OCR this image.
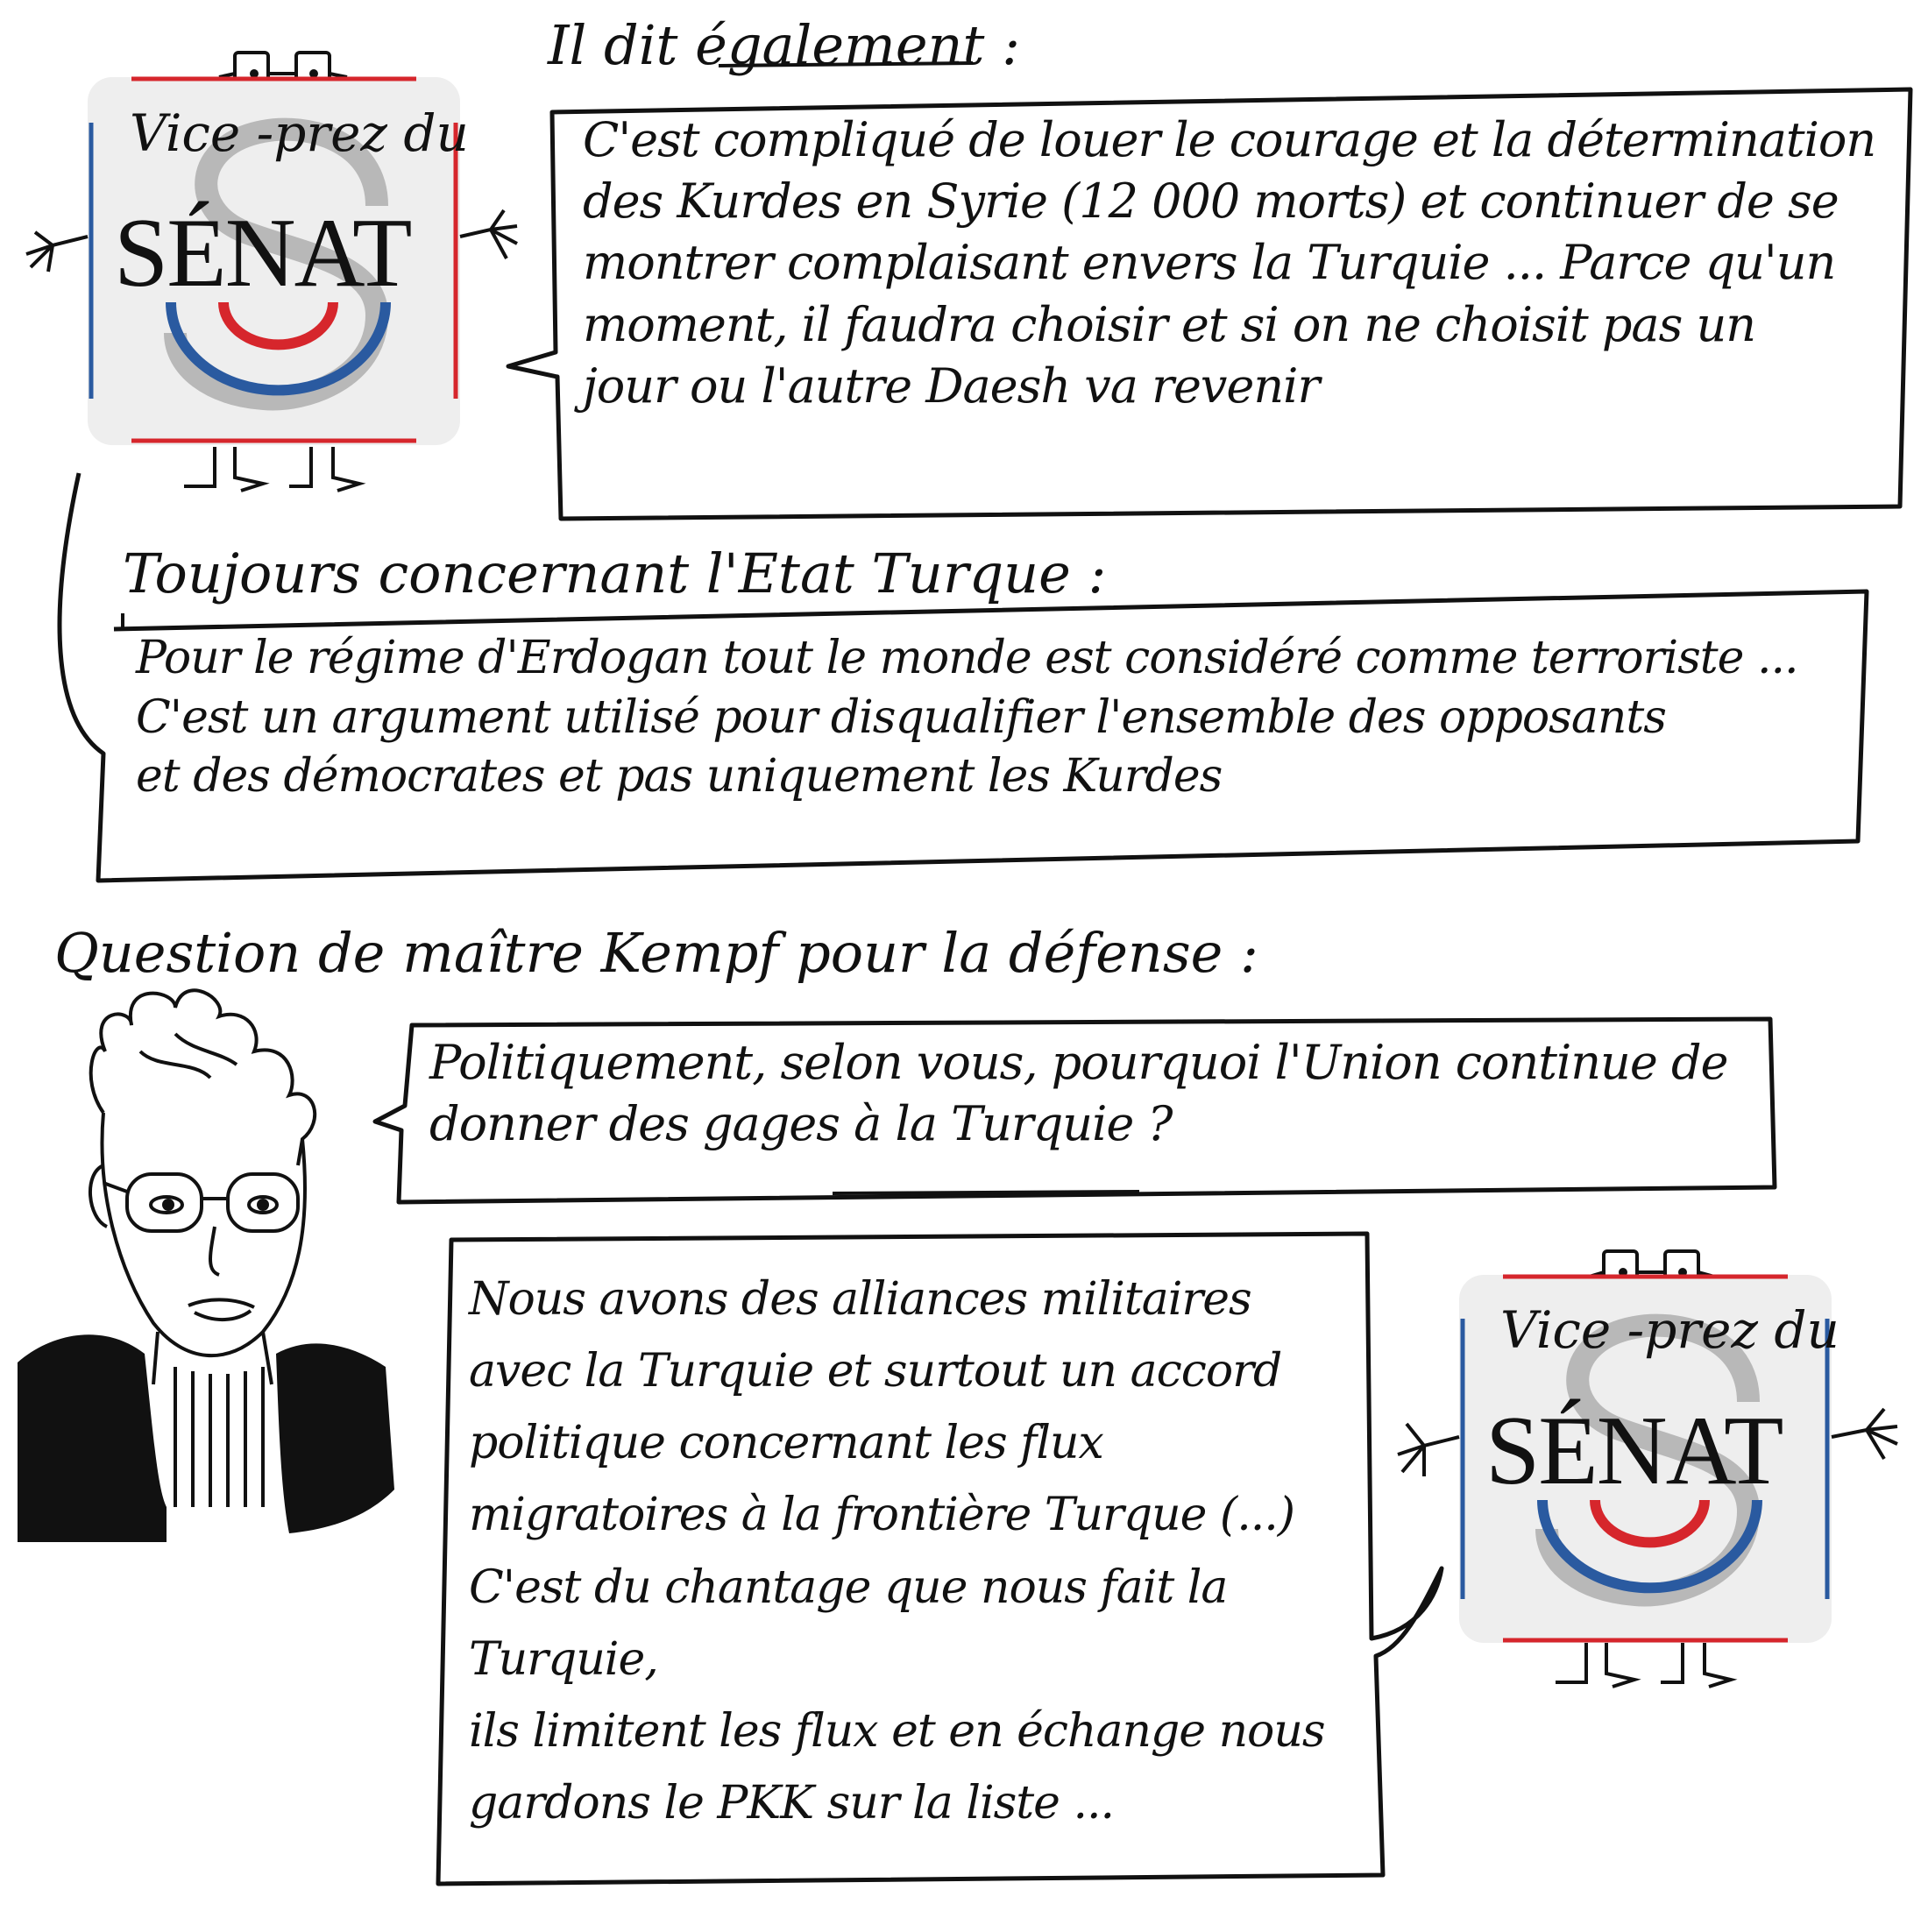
Vice -prez du
SÉNAT
Vice -prez du
SÉNAT
Il dit également :
Toujours concernant l'Etat Turque :
Question de maître Kempf pour la défense :
C'est compliqué de louer le courage et la détermination
des Kurdes en Syrie (12 000 morts) et continuer de se
montrer complaisant envers la Turquie ... Parce qu'un
moment, il faudra choisir et si on ne choisit pas un
jour ou l'autre Daesh va revenir
Pour le régime d'Erdogan tout le monde est considéré comme terroriste ...
C'est un argument utilisé pour disqualifier l'ensemble des opposants
et des démocrates et pas uniquement les Kurdes
Politiquement, selon vous, pourquoi l'Union continue de
donner des gages à la Turquie ?
Nous avons des alliances militaires
avec la Turquie et surtout un accord
politique concernant les flux
migratoires à la frontière Turque (...)
C'est du chantage que nous fait la Turquie,
ils limitent les flux et en échange nous
gardons le PKK sur la liste ...
